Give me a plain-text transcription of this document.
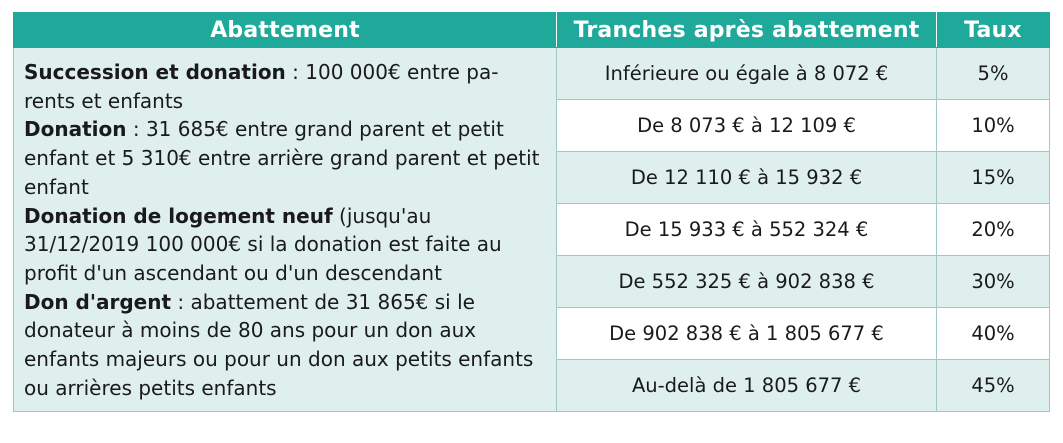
Abattement	Tranches après abattement	Taux

Succession et donation : 100 000€ entre pa-rents et enfants

Donation : 31 685€ entre grand parent et petit enfant et 5 310€ entre arrière grand parent et petit enfant

Donation de logement neuf (jusqu'au 31/12/2019 100 000€ si la donation est faite au profit d'un ascendant ou d'un descendant

Don d'argent : abattement de 31 865€ si le donateur à moins de 80 ans pour un don aux enfants majeurs ou pour un don aux petits enfants ou arrières petits enfants	Inférieure ou égale à 8 072 €	5%
	De 8 073 € à 12 109 €	10%
	De 12 110 € à 15 932 €	15%
	De 15 933 € à 552 324 €	20%
	De 552 325 € à 902 838 €	30%
	De 902 838 € à 1 805 677 €	40%
	Au-delà de 1 805 677 €	45%
